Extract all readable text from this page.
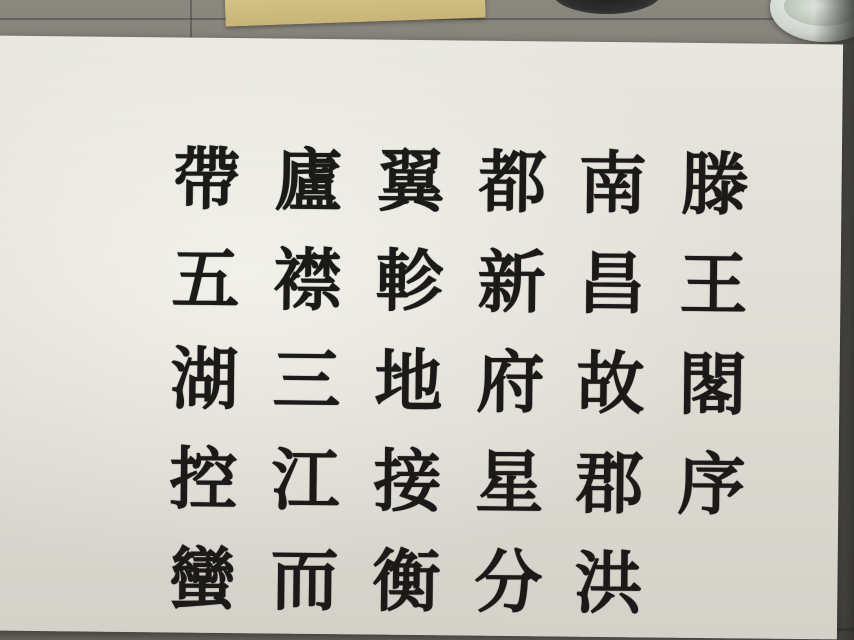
滕
王
閣
序
南
昌
故
郡
洪
都
新
府
星
分
翼
軫
地
接
衡
廬
襟
三
江
而
帶
五
湖
控
蠻
